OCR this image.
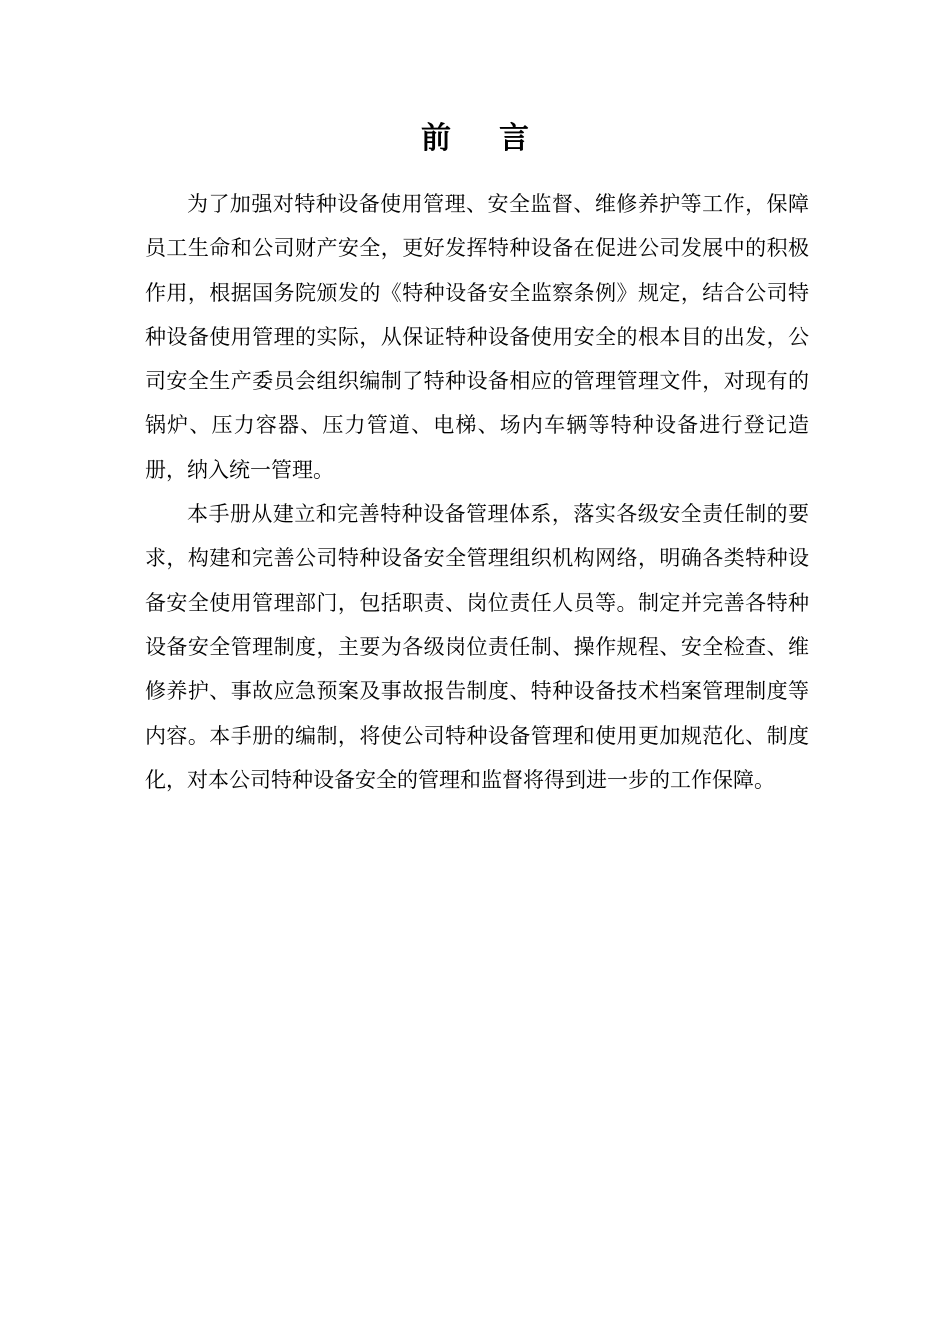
前言

为了加强对特种设备使用管理、安全监督、维修养护等工作，保障员工生命和公司财产安全，更好发挥特种设备在促进公司发展中的积极作用，根据国务院颁发的《特种设备安全监察条例》规定，结合公司特种设备使用管理的实际，从保证特种设备使用安全的根本目的出发，公司安全生产委员会组织编制了特种设备相应的管理管理文件，对现有的锅炉、压力容器、压力管道、电梯、场内车辆等特种设备进行登记造册，纳入统一管理。

本手册从建立和完善特种设备管理体系，落实各级安全责任制的要求，构建和完善公司特种设备安全管理组织机构网络，明确各类特种设备安全使用管理部门，包括职责、岗位责任人员等。制定并完善各特种设备安全管理制度，主要为各级岗位责任制、操作规程、安全检查、维修养护、事故应急预案及事故报告制度、特种设备技术档案管理制度等内容。本手册的编制，将使公司特种设备管理和使用更加规范化、制度化，对本公司特种设备安全的管理和监督将得到进一步的工作保障。
